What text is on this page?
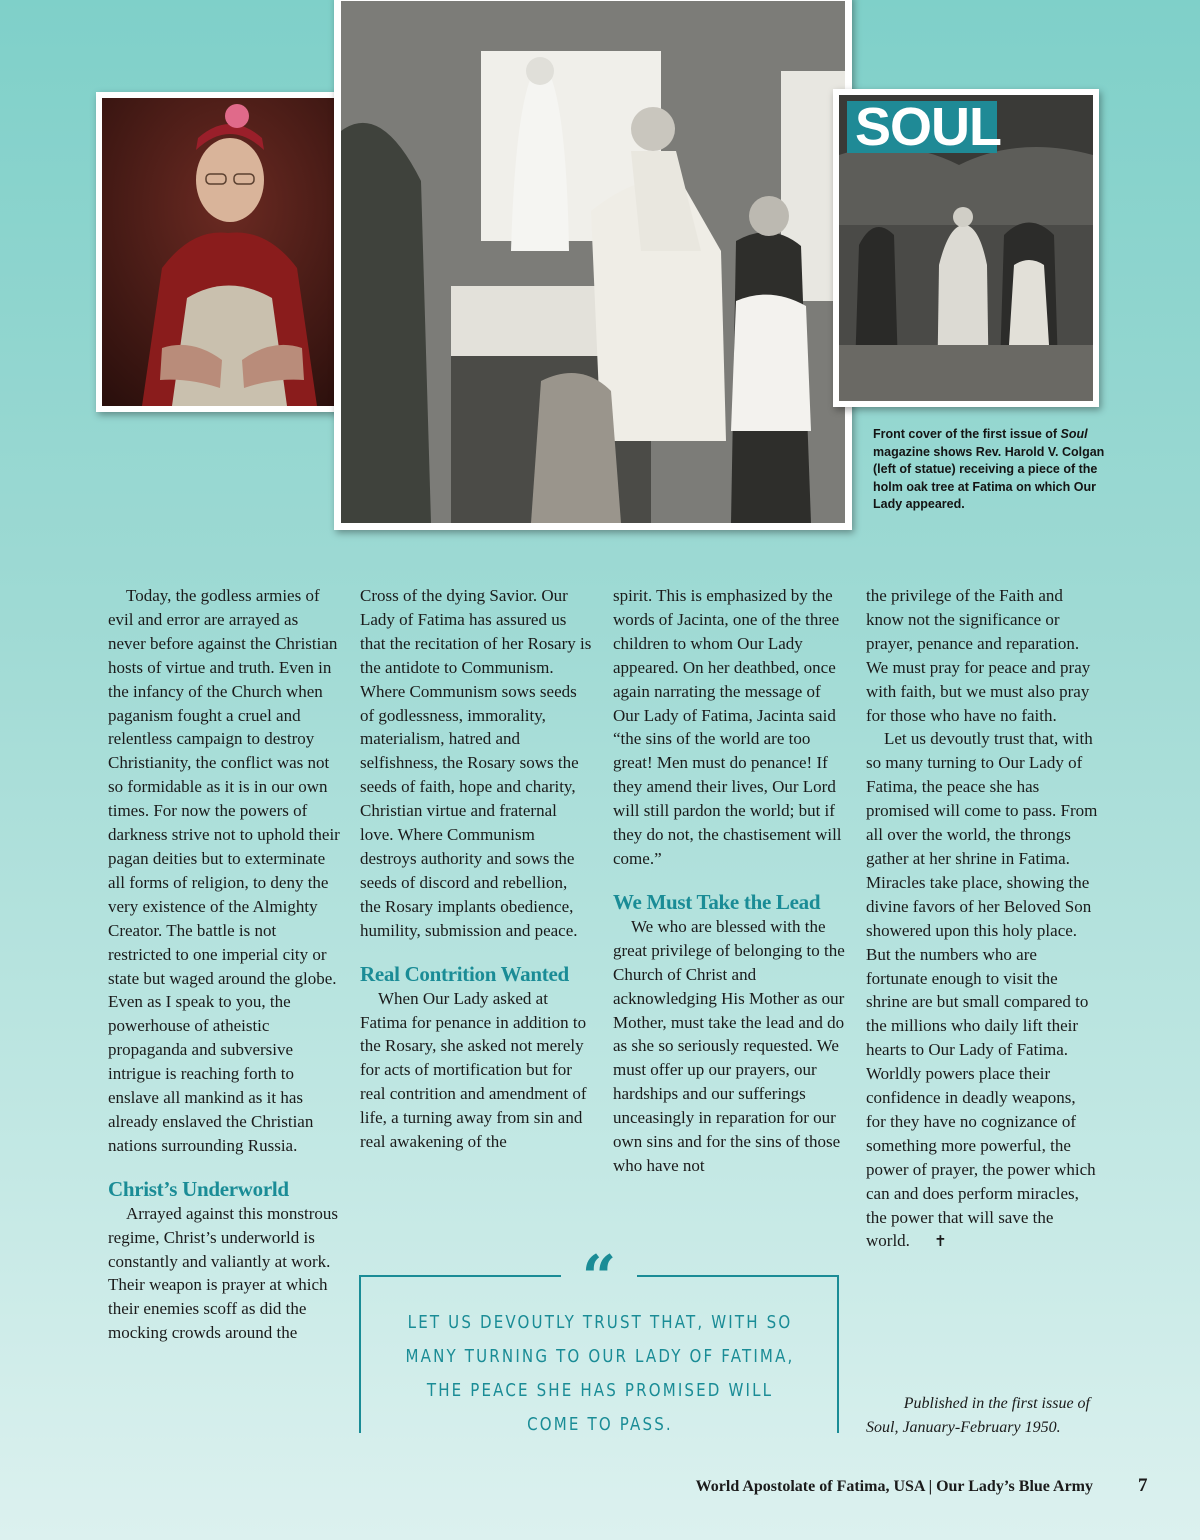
SOUL
Front cover of the first issue of Soul magazine shows Rev. Harold V. Colgan (left of statue) receiving a piece of the holm oak tree at Fatima on which Our Lady appeared.

Today, the godless armies of evil and error are arrayed as never before against the Christian hosts of virtue and truth. Even in the infancy of the Church when paganism fought a cruel and relentless campaign to destroy Christianity, the conflict was not so formidable as it is in our own times. For now the powers of darkness strive not to uphold their pagan deities but to exterminate all forms of religion, to deny the very existence of the Almighty Creator. The battle is not restricted to one imperial city or state but waged around the globe. Even as I speak to you, the powerhouse of atheistic propaganda and subversive intrigue is reaching forth to enslave all mankind as it has already enslaved the Christian nations surrounding Russia.

Christ’s Underworld

Arrayed against this monstrous regime, Christ’s underworld is constantly and valiantly at work. Their weapon is prayer at which their enemies scoff as did the mocking crowds around the

Cross of the dying Savior. Our Lady of Fatima has assured us that the recitation of her Rosary is the antidote to Communism. Where Communism sows seeds of godlessness, immorality, materialism, hatred and selfishness, the Rosary sows the seeds of faith, hope and charity, Christian virtue and fraternal love. Where Communism destroys authority and sows the seeds of discord and rebellion, the Rosary implants obedience, humility, submission and peace.

Real Contrition Wanted

When Our Lady asked at Fatima for penance in addition to the Rosary, she asked not merely for acts of mortification but for real contrition and amendment of life, a turning away from sin and real awakening of the

spirit. This is emphasized by the words of Jacinta, one of the three children to whom Our Lady appeared. On her deathbed, once again narrating the message of Our Lady of Fatima, Jacinta said “the sins of the world are too great! Men must do penance! If they amend their lives, Our Lord will still pardon the world; but if they do not, the chastisement will come.”

We Must Take the Lead

We who are blessed with the great privilege of belonging to the Church of Christ and acknowledging His Mother as our Mother, must take the lead and do as she so seriously requested. We must offer up our prayers, our hardships and our sufferings unceasingly in reparation for our own sins and for the sins of those who have not

the privilege of the Faith and know not the significance or prayer, penance and reparation. We must pray for peace and pray with faith, but we must also pray for those who have no faith.

Let us devoutly trust that, with so many turning to Our Lady of Fatima, the peace she has promised will come to pass. From all over the world, the throngs gather at her shrine in Fatima. Miracles take place, showing the divine favors of her Beloved Son showered upon this holy place. But the numbers who are fortunate enough to visit the shrine are but small compared to the millions who daily lift their hearts to Our Lady of Fatima. Worldly powers place their confidence in deadly weapons, for they have no cognizance of something more powerful, the power of prayer, the power which can and does perform miracles, the power that will save the world. ✝

“
LET US DEVOUTLY TRUST THAT, WITH SO MANY TURNING TO OUR LADY OF FATIMA, THE PEACE SHE HAS PROMISED WILL COME TO PASS.
Published in the first issue of
Soul, January-February 1950.
World Apostolate of Fatima, USA | Our Lady’s Blue Army 7
